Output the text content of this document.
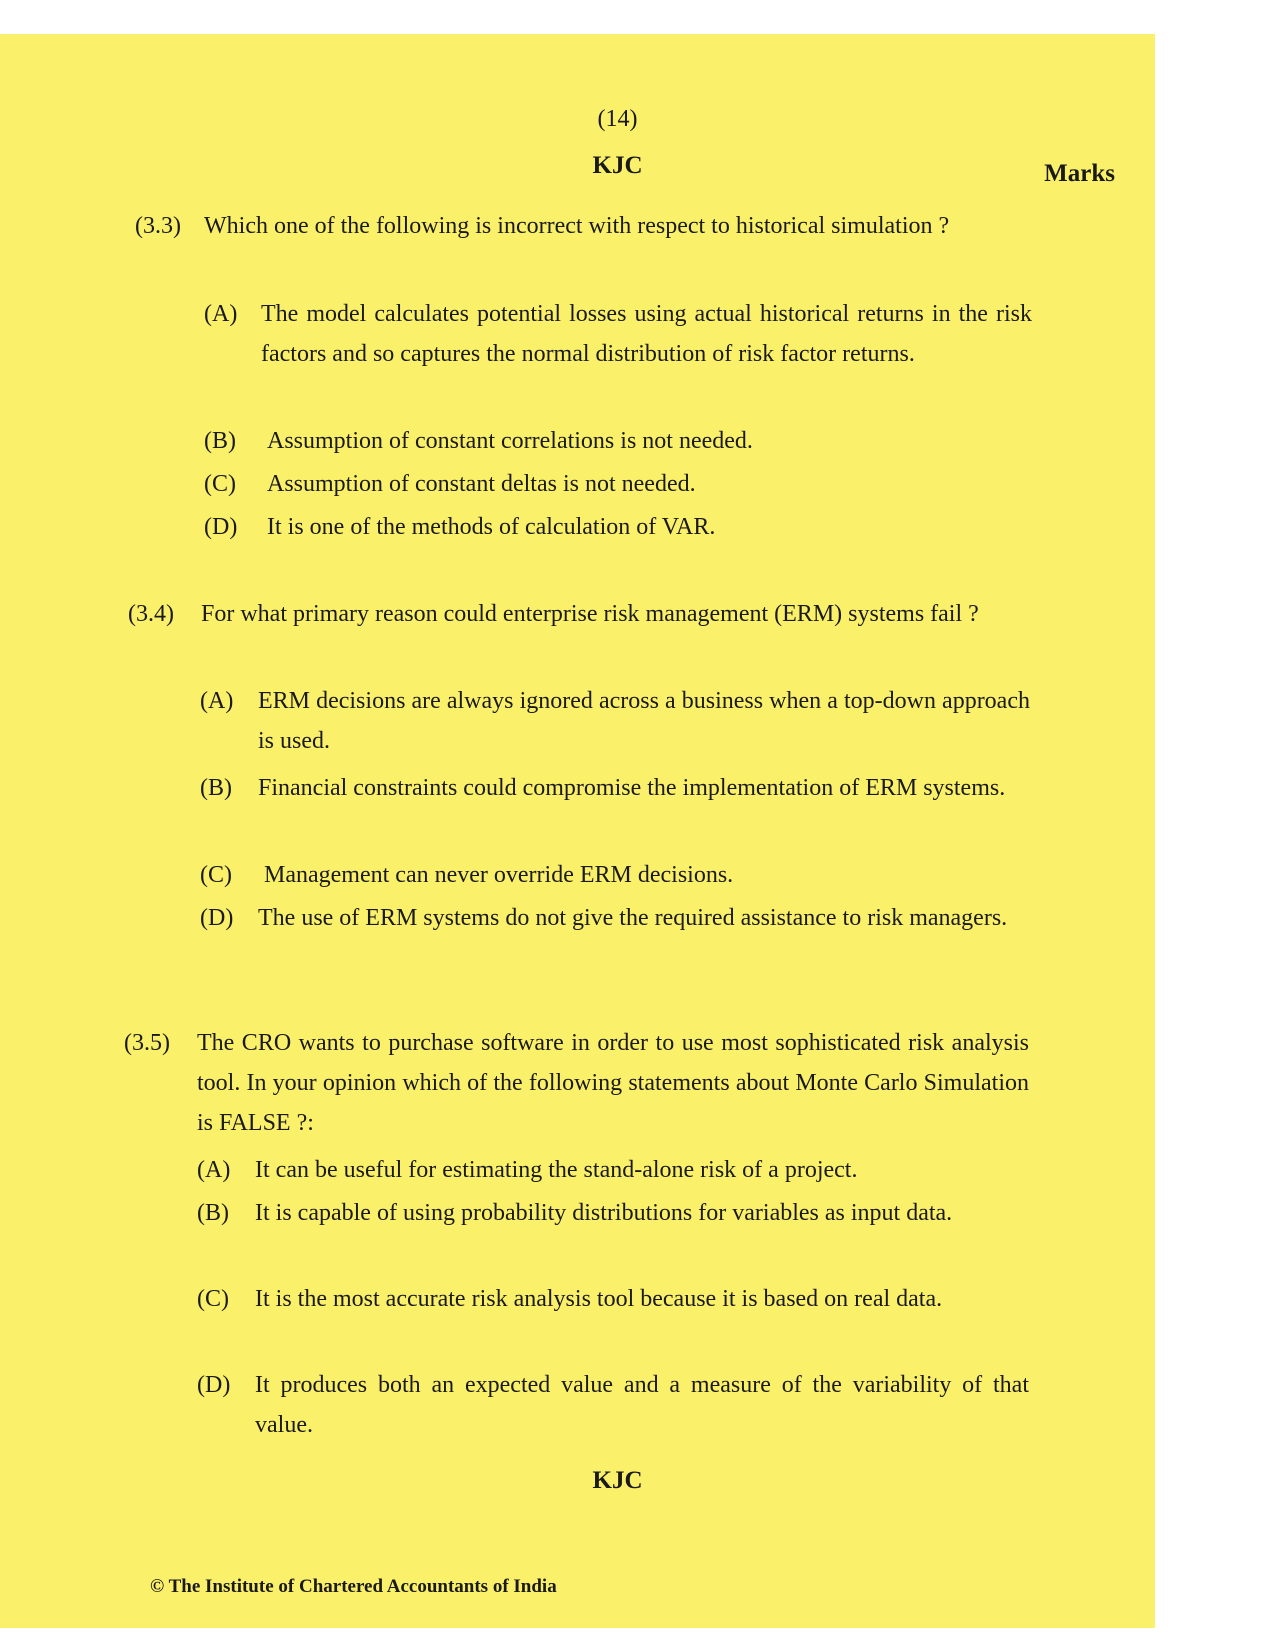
(14)
KJC	Marks
(3.3) Which one of the following is incorrect with respect to historical simulation ?
(A) The model calculates potential losses using actual historical returns in the risk factors and so captures the normal distribution of risk factor returns.
(B) Assumption of constant correlations is not needed.
(C) Assumption of constant deltas is not needed.
(D) It is one of the methods of calculation of VAR.
(3.4) For what primary reason could enterprise risk management (ERM) systems fail ?
(A) ERM decisions are always ignored across a business when a top-down approach is used.
(B) Financial constraints could compromise the implementation of ERM systems.
(C) Management can never override ERM decisions.
(D) The use of ERM systems do not give the required assistance to risk managers.
(3.5) The CRO wants to purchase software in order to use most sophisticated risk analysis tool. In your opinion which of the following statements about Monte Carlo Simulation is FALSE ?:
(A) It can be useful for estimating the stand-alone risk of a project.
(B) It is capable of using probability distributions for variables as input data.
(C) It is the most accurate risk analysis tool because it is based on real data.
(D) It produces both an expected value and a measure of the variability of that value.
KJC
© The Institute of Chartered Accountants of India
